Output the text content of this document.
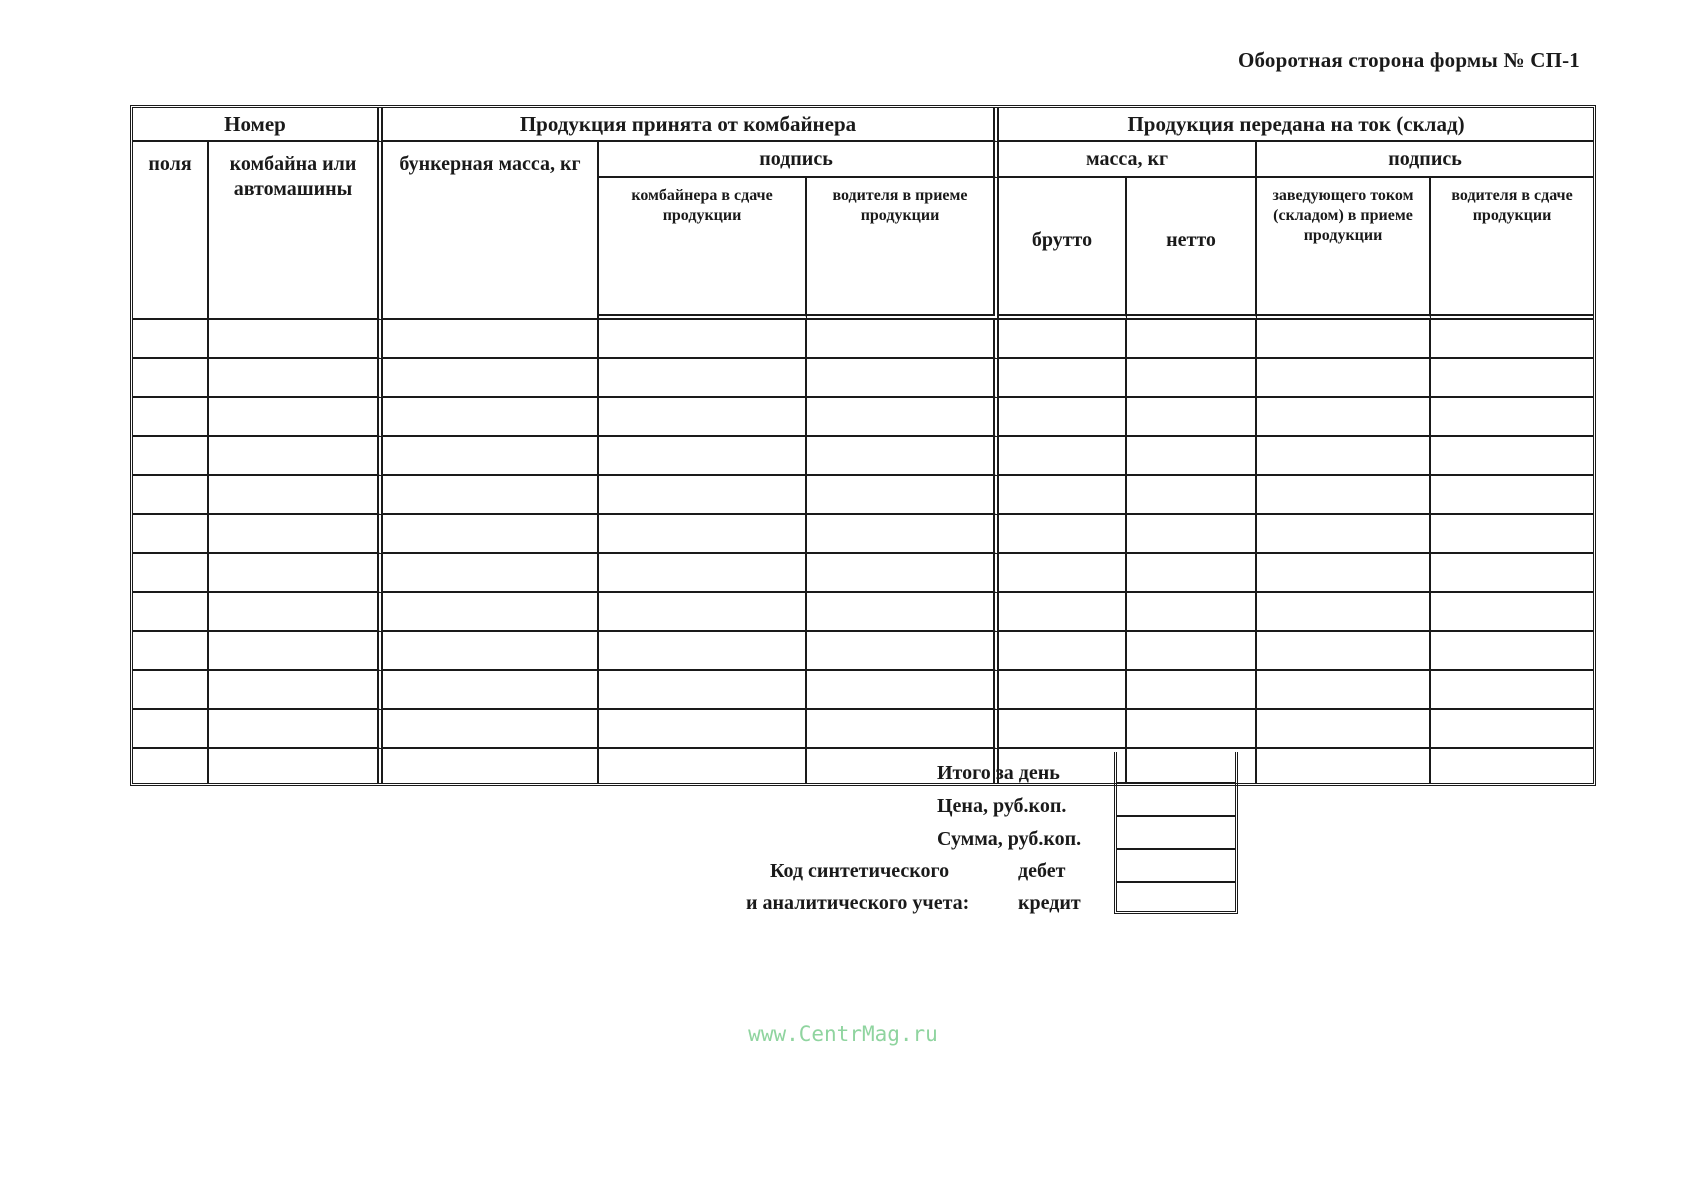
Оборотная сторона формы № СП-1
Номер		Продукция принята от комбайнера			Продукция передана на ток (склад)			
поля	комбайна или автомашины	бункерная масса, кг	подпись		масса, кг		подпись	
			комбайнера в сдаче продукции	водителя в приеме продукции	брутто	нетто	заведующего током (складом) в приеме продукции	водителя в сдаче продукции

Итого за день
Цена, руб.коп.
Сумма, руб.коп.
Код синтетического	дебет
и аналитического учета: кредит
www.CentrMag.ru
